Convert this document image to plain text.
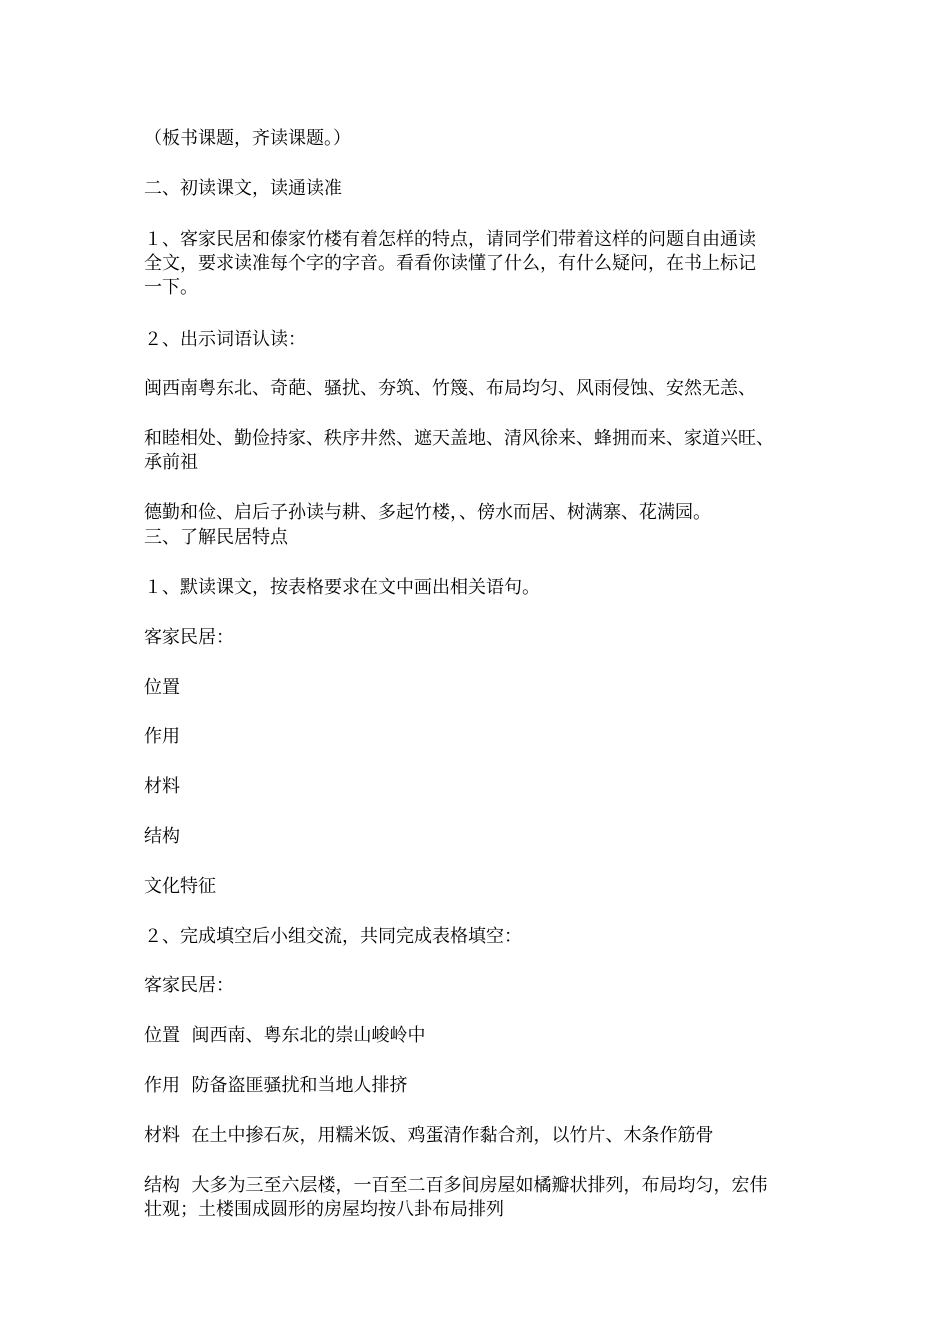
（板书课题，齐读课题。）
二、初读课文，读通读准
１、客家民居和傣家竹楼有着怎样的特点，请同学们带着这样的问题自由通读
全文，要求读准每个字的字音。看看你读懂了什么，有什么疑问，在书上标记
一下。
２、出示词语认读：
闽西南粤东北、奇葩、骚扰、夯筑、竹篾、布局均匀、风雨侵蚀、安然无恙、
和睦相处、勤俭持家、秩序井然、遮天盖地、清风徐来、蜂拥而来、家道兴旺、
承前祖
德勤和俭、启后子孙读与耕、多起竹楼，、傍水而居、树满寨、花满园。
三、了解民居特点
１、默读课文，按表格要求在文中画出相关语句。
客家民居：
位置
作用
材料
结构
文化特征
２、完成填空后小组交流，共同完成表格填空：
客家民居：
位置  闽西南、粤东北的崇山峻岭中
作用  防备盗匪骚扰和当地人排挤
材料  在土中掺石灰，用糯米饭、鸡蛋清作黏合剂，以竹片、木条作筋骨
结构  大多为三至六层楼，一百至二百多间房屋如橘瓣状排列，布局均匀，宏伟
壮观；土楼围成圆形的房屋均按八卦布局排列
